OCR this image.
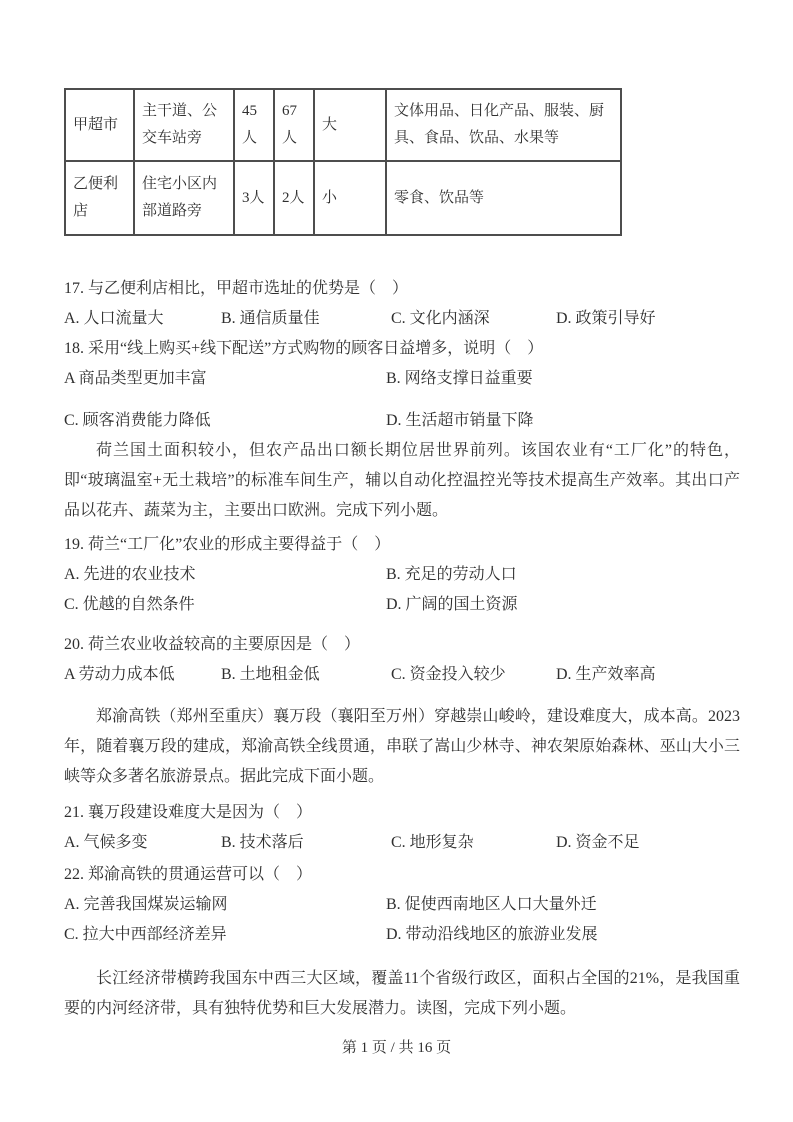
甲超市	主干道、公交车站旁	45人	67人	大	文体用品、日化产品、服装、厨具、食品、饮品、水果等
乙便利店	住宅小区内部道路旁	3人	2人	小	零食、饮品等
17. 与乙便利店相比，甲超市选址的优势是（　）
A. 人口流量大	B. 通信质量佳	C. 文化内涵深	D. 政策引导好
18. 采用“线上购买+线下配送”方式购物的顾客日益增多，说明（　）
A 商品类型更加丰富	B. 网络支撑日益重要
C. 顾客消费能力降低	D. 生活超市销量下降

荷兰国土面积较小，但农产品出口额长期位居世界前列。该国农业有“工厂化”的特色，即“玻璃温室+无土栽培”的标准车间生产，辅以自动化控温控光等技术提高生产效率。其出口产品以花卉、蔬菜为主，主要出口欧洲。完成下列小题。

19. 荷兰“工厂化”农业的形成主要得益于（　）
A. 先进的农业技术	B. 充足的劳动人口
C. 优越的自然条件	D. 广阔的国土资源
20. 荷兰农业收益较高的主要原因是（　）
A 劳动力成本低	B. 土地租金低	C. 资金投入较少	D. 生产效率高

郑渝高铁（郑州至重庆）襄万段（襄阳至万州）穿越崇山峻岭，建设难度大，成本高。2023年，随着襄万段的建成，郑渝高铁全线贯通，串联了嵩山少林寺、神农架原始森林、巫山大小三峡等众多著名旅游景点。据此完成下面小题。

21. 襄万段建设难度大是因为（　）
A. 气候多变	B. 技术落后	C. 地形复杂	D. 资金不足
22. 郑渝高铁的贯通运营可以（　）
A. 完善我国煤炭运输网	B. 促使西南地区人口大量外迁
C. 拉大中西部经济差异	D. 带动沿线地区的旅游业发展

长江经济带横跨我国东中西三大区域，覆盖11个省级行政区，面积占全国的21%，是我国重要的内河经济带，具有独特优势和巨大发展潜力。读图，完成下列小题。

第 1 页 / 共 16 页
